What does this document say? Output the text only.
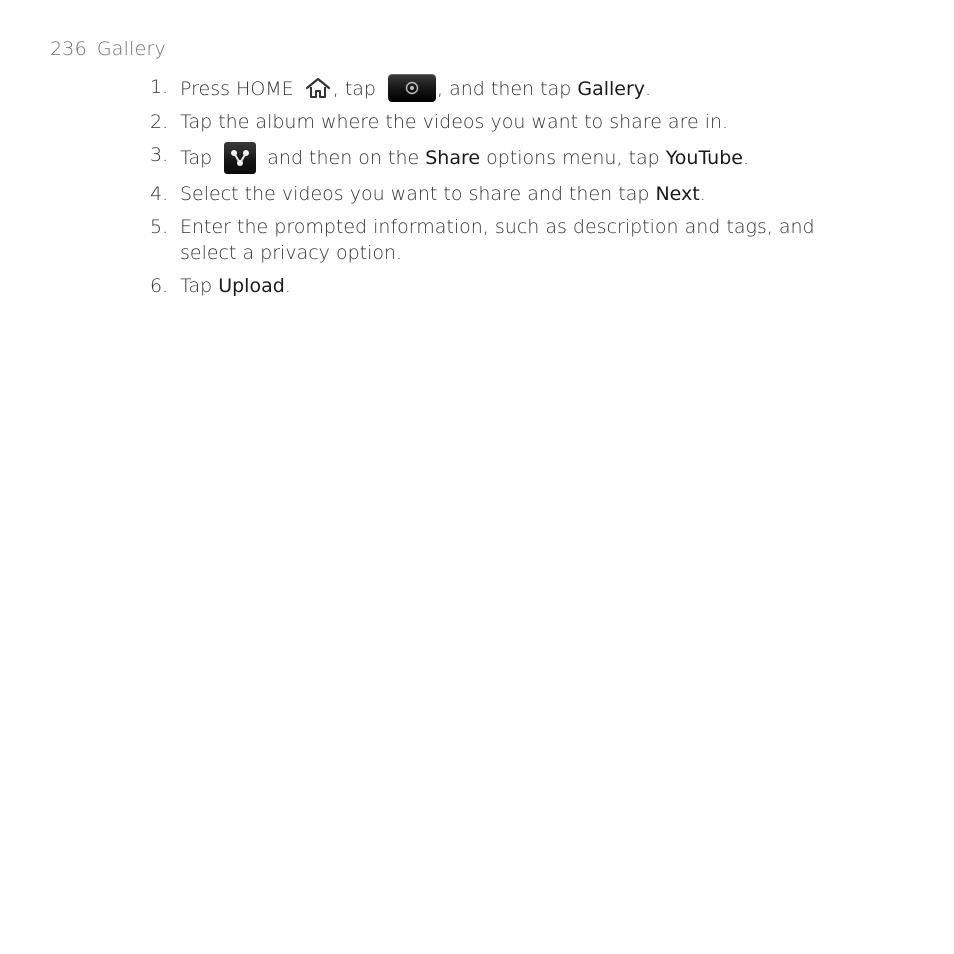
236 Gallery
1. Press HOME , tap	, and then tap Gallery.
2. Tap the album where the videos you want to share are in.
3. Tap
and then on the Share options menu, tap YouTube.
4. Select the videos you want to share and then tap Next.
5. Enter the prompted information, such as description and tags, and select a privacy option.
6. Tap Upload.
